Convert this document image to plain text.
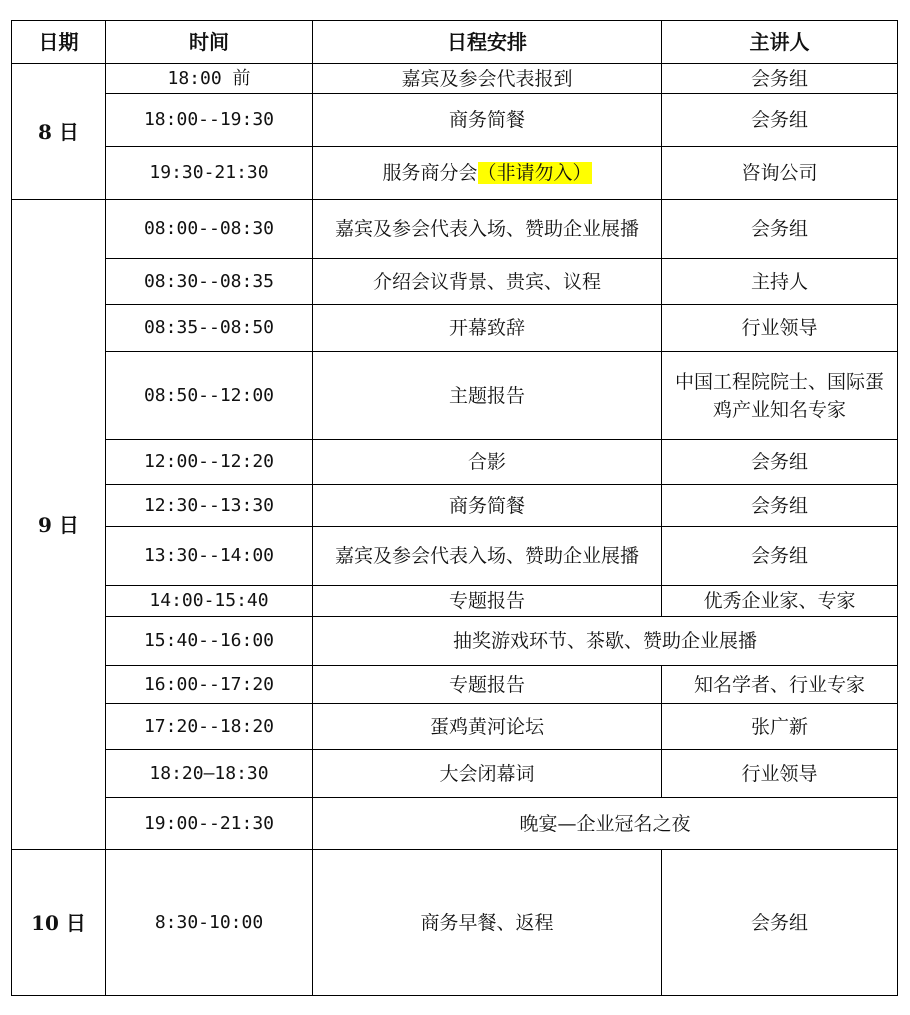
日期	时间	日程安排	主讲人
8 日	18:00 前	嘉宾及参会代表报到	会务组
	18:00--19:30	商务简餐	会务组
	19:30-21:30	服务商分会（非请勿入）	咨询公司
9 日	08:00--08:30	嘉宾及参会代表入场、赞助企业展播	会务组
	08:30--08:35	介绍会议背景、贵宾、议程	主持人
	08:35--08:50	开幕致辞	行业领导
	08:50--12:00	主题报告	中国工程院院士、国际蛋鸡产业知名专家
	12:00--12:20	合影	会务组
	12:30--13:30	商务简餐	会务组
	13:30--14:00	嘉宾及参会代表入场、赞助企业展播	会务组
	14:00-15:40	专题报告	优秀企业家、专家
	15:40--16:00	抽奖游戏环节、茶歇、赞助企业展播	
	16:00--17:20	专题报告	知名学者、行业专家
	17:20--18:20	蛋鸡黄河论坛	张广新
	18:20—18:30	大会闭幕词	行业领导
	19:00--21:30	晚宴—企业冠名之夜	
10 日	8:30-10:00	商务早餐、返程	会务组
